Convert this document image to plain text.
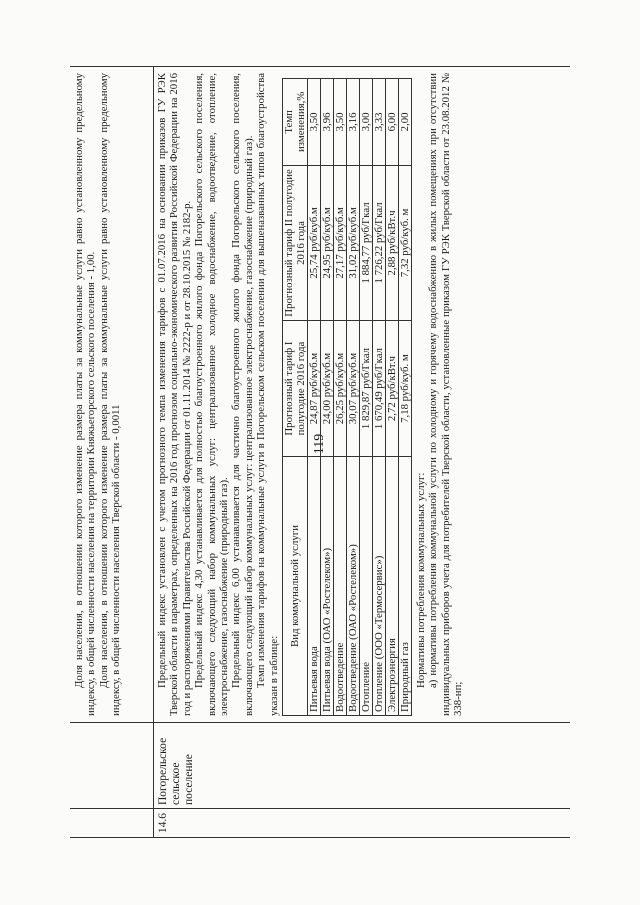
119

Доля населения, в отношении которого изменение размера платы за коммунальные услуги равно установленному предельному индексу, в общей численности населения на территории Княжьегорского сельского поселения - 1,00. Доля населения, в отношении которого изменение размера платы за коммунальные услуги равно установленному предельному индексу, в общей численности населения Тверской области - 0,0011

14.6
Погорельское сельское поселение

Предельный индекс установлен с учетом прогнозного темпа изменения тарифов с 01.07.2016 на основании приказов ГУ РЭК Тверской области в параметрах, определенных на 2016 год прогнозом социально-экономического развития Российской Федерации на 2016 год и распоряжениями Правительства Российской Федерации от 01.11.2014 № 2222-р и от 28.10.2015 № 2182-р. Предельный индекс 4,30 устанавливается для полностью благоустроенного жилого фонда Погорельского сельского поселения, включающего следующий набор коммунальных услуг: централизованное холодное водоснабжение, водоотведение, отопление, электроснабжение, газоснабжение (природный газ). Предельный индекс 6,00 устанавливается для частично благоустроенного жилого фонда Погорельского сельского поселения, включающего следующий набор коммунальных услуг: централизованное электроснабжение, газоснабжение (природный газ). Темп изменения тарифов на коммунальные услуги в Погорельском сельском поселении для вышеназванных типов благоустройства указан в таблице:

Вид коммунальной услуги	Прогнозный тариф I полугодие 2016 года	Прогнозный тариф II полугодие 2016 года	Темп изменения,%
Питьевая вода	24,87 руб/куб.м	25,74 руб/куб.м	3,50
Питьевая вода (ОАО «Ростелеком»)	24,00 руб/куб.м	24,95 руб/куб.м	3,96
Водоотведение	26,25 руб/куб.м	27,17 руб/куб.м	3,50
Водоотведение (ОАО «Ростелеком»)	30,07 руб/куб.м	31,02 руб/куб.м	3,16
Отопление	1 829,87 руб/Гкал	1 884,77 руб/Гкал	3,00
Отопление (ООО «Термосервис»)	1 670,49 руб/Гкал	1 726,22 руб/Гкал	3,33
Электроэнергия	2,72 руб/кВт.ч	2,88 руб/кВт.ч	6,00
Природный газ	7,18 руб/куб. м	7,32 руб/куб. м	2,00

Нормативы потребления коммунальных услуг: а) нормативы потребления коммунальной услуги по холодному и горячему водоснабжению в жилых помещениях при отсутствии индивидуальных приборов учета для потребителей Тверской области, установленные приказом ГУ РЭК Тверской области от 23.08.2012 № 338-нп;
